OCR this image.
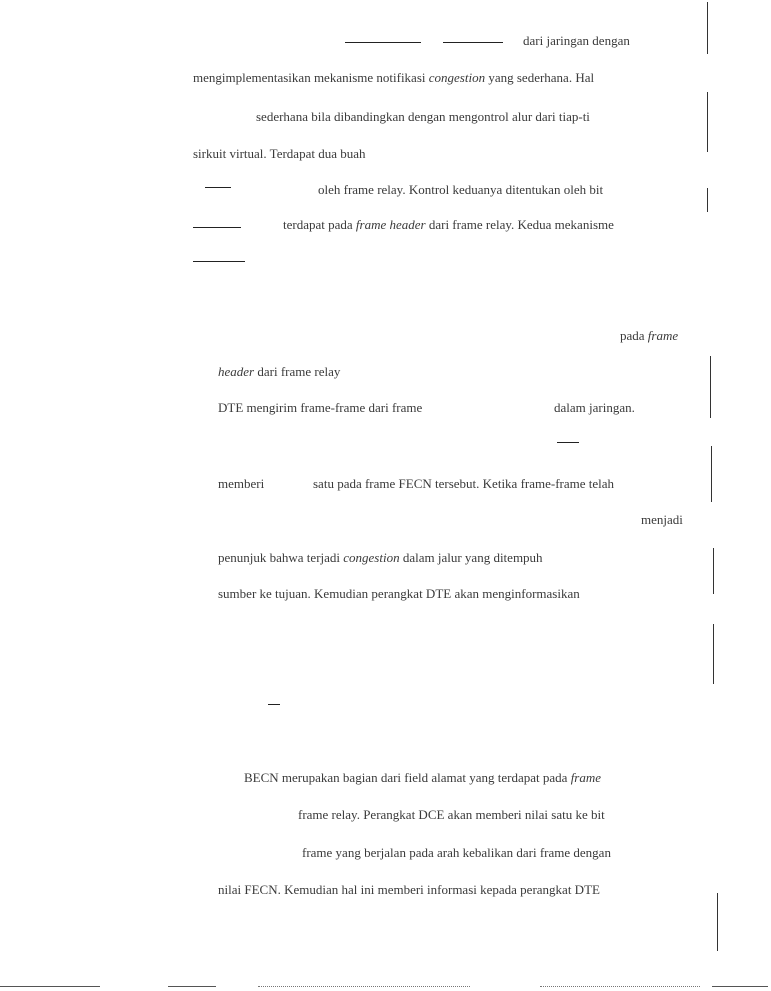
dari jaringan dengan
mengimplementasikan mekanisme notifikasi congestion yang sederhana. Hal
sederhana bila dibandingkan dengan mengontrol alur dari tiap-ti
sirkuit virtual. Terdapat dua buah
oleh frame relay. Kontrol keduanya ditentukan oleh bit
terdapat pada frame header dari frame relay. Kedua mekanisme
pada frame
header dari frame relay
DTE mengirim frame-frame dari frame	dalam jaringan.
memberi	satu pada frame FECN tersebut. Ketika frame-frame telah
menjadi
penunjuk bahwa terjadi congestion dalam jalur yang ditempuh
sumber ke tujuan. Kemudian perangkat DTE akan menginformasikan
BECN merupakan bagian dari field alamat yang terdapat pada frame
frame relay. Perangkat DCE akan memberi nilai satu ke bit
frame yang berjalan pada arah kebalikan dari frame dengan
nilai FECN. Kemudian hal ini memberi informasi kepada perangkat DTE
